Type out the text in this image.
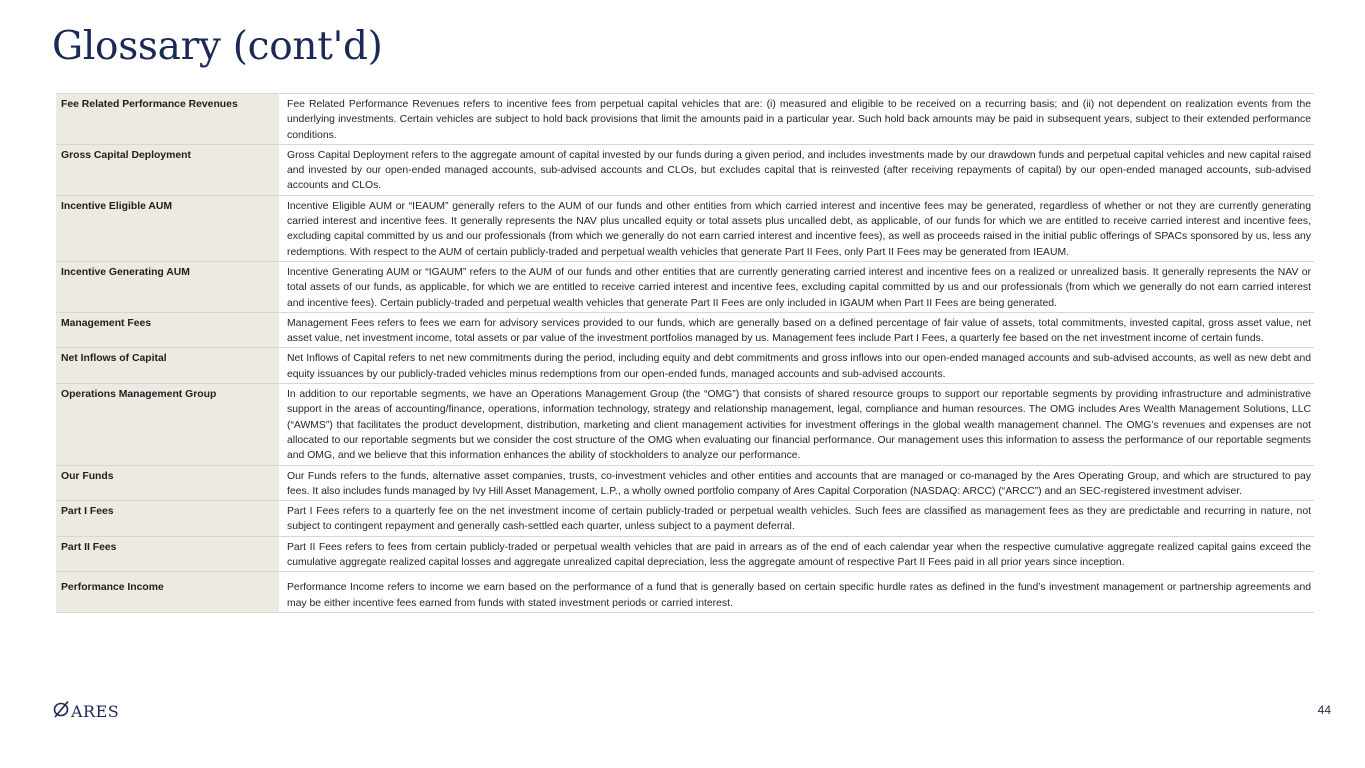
Glossary (cont'd)
Fee Related Performance Revenues	Fee Related Performance Revenues refers to incentive fees from perpetual capital vehicles that are: (i) measured and eligible to be received on a recurring basis; and (ii) not dependent on realization events from the underlying investments. Certain vehicles are subject to hold back provisions that limit the amounts paid in a particular year. Such hold back amounts may be paid in subsequent years, subject to their extended performance conditions.
Gross Capital Deployment	Gross Capital Deployment refers to the aggregate amount of capital invested by our funds during a given period, and includes investments made by our drawdown funds and perpetual capital vehicles and new capital raised and invested by our open-ended managed accounts, sub-advised accounts and CLOs, but excludes capital that is reinvested (after receiving repayments of capital) by our open-ended managed accounts, sub-advised accounts and CLOs.
Incentive Eligible AUM	Incentive Eligible AUM or “IEAUM” generally refers to the AUM of our funds and other entities from which carried interest and incentive fees may be generated, regardless of whether or not they are currently generating carried interest and incentive fees. It generally represents the NAV plus uncalled equity or total assets plus uncalled debt, as applicable, of our funds for which we are entitled to receive carried interest and incentive fees, excluding capital committed by us and our professionals (from which we generally do not earn carried interest and incentive fees), as well as proceeds raised in the initial public offerings of SPACs sponsored by us, less any redemptions. With respect to the AUM of certain publicly-traded and perpetual wealth vehicles that generate Part II Fees, only Part II Fees may be generated from IEAUM.
Incentive Generating AUM	Incentive Generating AUM or “IGAUM” refers to the AUM of our funds and other entities that are currently generating carried interest and incentive fees on a realized or unrealized basis. It generally represents the NAV or total assets of our funds, as applicable, for which we are entitled to receive carried interest and incentive fees, excluding capital committed by us and our professionals (from which we generally do not earn carried interest and incentive fees). Certain publicly-traded and perpetual wealth vehicles that generate Part II Fees are only included in IGAUM when Part II Fees are being generated.
Management Fees	Management Fees refers to fees we earn for advisory services provided to our funds, which are generally based on a defined percentage of fair value of assets, total commitments, invested capital, gross asset value, net asset value, net investment income, total assets or par value of the investment portfolios managed by us. Management fees include Part I Fees, a quarterly fee based on the net investment income of certain funds.
Net Inflows of Capital	Net Inflows of Capital refers to net new commitments during the period, including equity and debt commitments and gross inflows into our open-ended managed accounts and sub-advised accounts, as well as new debt and equity issuances by our publicly-traded vehicles minus redemptions from our open-ended funds, managed accounts and sub-advised accounts.
Operations Management Group	In addition to our reportable segments, we have an Operations Management Group (the “OMG”) that consists of shared resource groups to support our reportable segments by providing infrastructure and administrative support in the areas of accounting/finance, operations, information technology, strategy and relationship management, legal, compliance and human resources. The OMG includes Ares Wealth Management Solutions, LLC (“AWMS”) that facilitates the product development, distribution, marketing and client management activities for investment offerings in the global wealth management channel. The OMG’s revenues and expenses are not allocated to our reportable segments but we consider the cost structure of the OMG when evaluating our financial performance. Our management uses this information to assess the performance of our reportable segments and OMG, and we believe that this information enhances the ability of stockholders to analyze our performance.
Our Funds	Our Funds refers to the funds, alternative asset companies, trusts, co-investment vehicles and other entities and accounts that are managed or co-managed by the Ares Operating Group, and which are structured to pay fees. It also includes funds managed by Ivy Hill Asset Management, L.P., a wholly owned portfolio company of Ares Capital Corporation (NASDAQ: ARCC) (“ARCC”) and an SEC-registered investment adviser.
Part I Fees	Part I Fees refers to a quarterly fee on the net investment income of certain publicly-traded or perpetual wealth vehicles. Such fees are classified as management fees as they are predictable and recurring in nature, not subject to contingent repayment and generally cash-settled each quarter, unless subject to a payment deferral.
Part II Fees	Part II Fees refers to fees from certain publicly-traded or perpetual wealth vehicles that are paid in arrears as of the end of each calendar year when the respective cumulative aggregate realized capital gains exceed the cumulative aggregate realized capital losses and aggregate unrealized capital depreciation, less the aggregate amount of respective Part II Fees paid in all prior years since inception.
Performance Income	Performance Income refers to income we earn based on the performance of a fund that is generally based on certain specific hurdle rates as defined in the fund’s investment management or partnership agreements and may be either incentive fees earned from funds with stated investment periods or carried interest.
ARES	44
